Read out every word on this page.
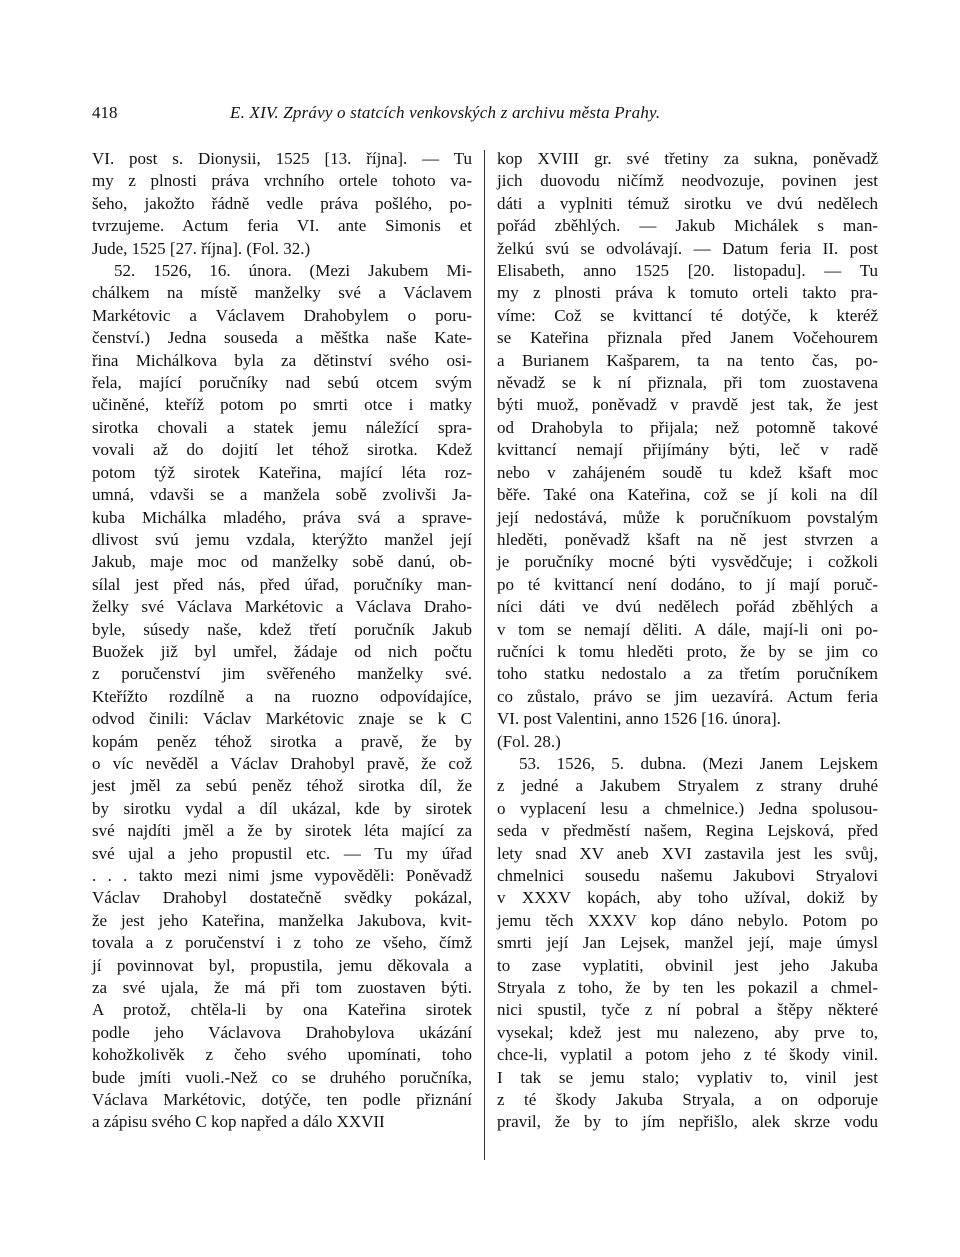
418	E. XIV. Zprávy o statcích venkovských z archivu města Prahy.
VI. post s. Dionysii, 1525 [13. října]. — Tu
my z plnosti práva vrchního ortele tohoto va-
šeho, jakožto řádně vedle práva pošlého, po-
tvrzujeme. Actum feria VI. ante Simonis et
Jude, 1525 [27. října]. (Fol. 32.)
52. 1526, 16. února. (Mezi Jakubem Mi-
chálkem na místě manželky své a Václavem
Markétovic a Václavem Drahobylem o poru-
čenství.) Jedna souseda a měštka naše Kate-
řina Michálkova byla za dětinství svého osi-
řela, mající poručníky nad sebú otcem svým
učiněné, kteříž potom po smrti otce i matky
sirotka chovali a statek jemu náležící spra-
vovali až do dojití let téhož sirotka. Kdež
potom týž sirotek Kateřina, mající léta roz-
umná, vdavši se a manžela sobě zvolivši Ja-
kuba Michálka mladého, práva svá a sprave-
dlivost svú jemu vzdala, kterýžto manžel její
Jakub, maje moc od manželky sobě danú, ob-
sílal jest před nás, před úřad, poručníky man-
želky své Václava Markétovic a Václava Draho-
byle, súsedy naše, kdež třetí poručník Jakub
Buožek již byl umřel, žádaje od nich počtu
z poručenství jim svěřeného manželky své.
Kteřížto rozdílně a na ruozno odpovídajíce,
odvod činili: Václav Markétovic znaje se k C
kopám peněz téhož sirotka a pravě, že by
o víc nevěděl a Václav Drahobyl pravě, že což
jest jměl za sebú peněz téhož sirotka díl, že
by sirotku vydal a díl ukázal, kde by sirotek
své najdíti jměl a že by sirotek léta mající za
své ujal a jeho propustil etc. — Tu my úřad
. . . takto mezi nimi jsme vypověděli: Poněvadž
Václav Drahobyl dostatečně svědky pokázal,
že jest jeho Kateřina, manželka Jakubova, kvit-
tovala a z poručenství i z toho ze všeho, čímž
jí povinnovat byl, propustila, jemu děkovala a
za své ujala, že má při tom zuostaven býti.
A protož, chtěla-li by ona Kateřina sirotek
podle jeho Václavova Drahobylova ukázání
kohožkolivěk z čeho svého upomínati, toho
bude jmíti vuoli.-Než co se druhého poručníka,
Václava Markétovic, dotýče, ten podle přiznání
a zápisu svého C kop napřed a dálo XXVII
kop XVIII gr. své třetiny za sukna, poněvadž
jich duovodu ničímž neodvozuje, povinen jest
dáti a vyplniti témuž sirotku ve dvú nedělech
pořád zběhlých. — Jakub Michálek s man-
želkú svú se odvolávají. — Datum feria II. post
Elisabeth, anno 1525 [20. listopadu]. — Tu
my z plnosti práva k tomuto orteli takto pra-
víme: Což se kvittancí té dotýče, k kteréž
se Kateřina přiznala před Janem Vočehourem
a Burianem Kašparem, ta na tento čas, po-
něvadž se k ní přiznala, při tom zuostavena
býti muož, poněvadž v pravdě jest tak, že jest
od Drahobyla to přijala; než potomně takové
kvittancí nemají přijímány býti, leč v radě
nebo v zahájeném soudě tu kdež kšaft moc
běře. Také ona Kateřina, což se jí koli na díl
její nedostává, může k poručníkuom povstalým
hleděti, poněvadž kšaft na ně jest stvrzen a
je poručníky mocné býti vysvědčuje; i cožkoli
po té kvittancí není dodáno, to jí mají poruč-
níci dáti ve dvú nedělech pořád zběhlých a
v tom se nemají děliti. A dále, mají-li oni po-
ručníci k tomu hleděti proto, že by se jim co
toho statku nedostalo a za třetím poručníkem
co zůstalo, právo se jim uezavírá. Actum feria
VI. post Valentini, anno 1526 [16. února].
(Fol. 28.)
53. 1526, 5. dubna. (Mezi Janem Lejskem
z jedné a Jakubem Stryalem z strany druhé
o vyplacení lesu a chmelnice.) Jedna spolusou-
seda v předměstí našem, Regina Lejsková, před
lety snad XV aneb XVI zastavila jest les svůj,
chmelnici sousedu našemu Jakubovi Stryalovi
v XXXV kopách, aby toho užíval, dokiž by
jemu těch XXXV kop dáno nebylo. Potom po
smrti její Jan Lejsek, manžel její, maje úmysl
to zase vyplatiti, obvinil jest jeho Jakuba
Stryala z toho, že by ten les pokazil a chmel-
nici spustil, tyče z ní pobral a štěpy některé
vysekal; kdež jest mu nalezeno, aby prve to,
chce-li, vyplatil a potom jeho z té škody vinil.
I tak se jemu stalo; vyplativ to, vinil jest
z té škody Jakuba Stryala, a on odporuje
pravil, že by to jím nepřišlo, alek skrze vodu
